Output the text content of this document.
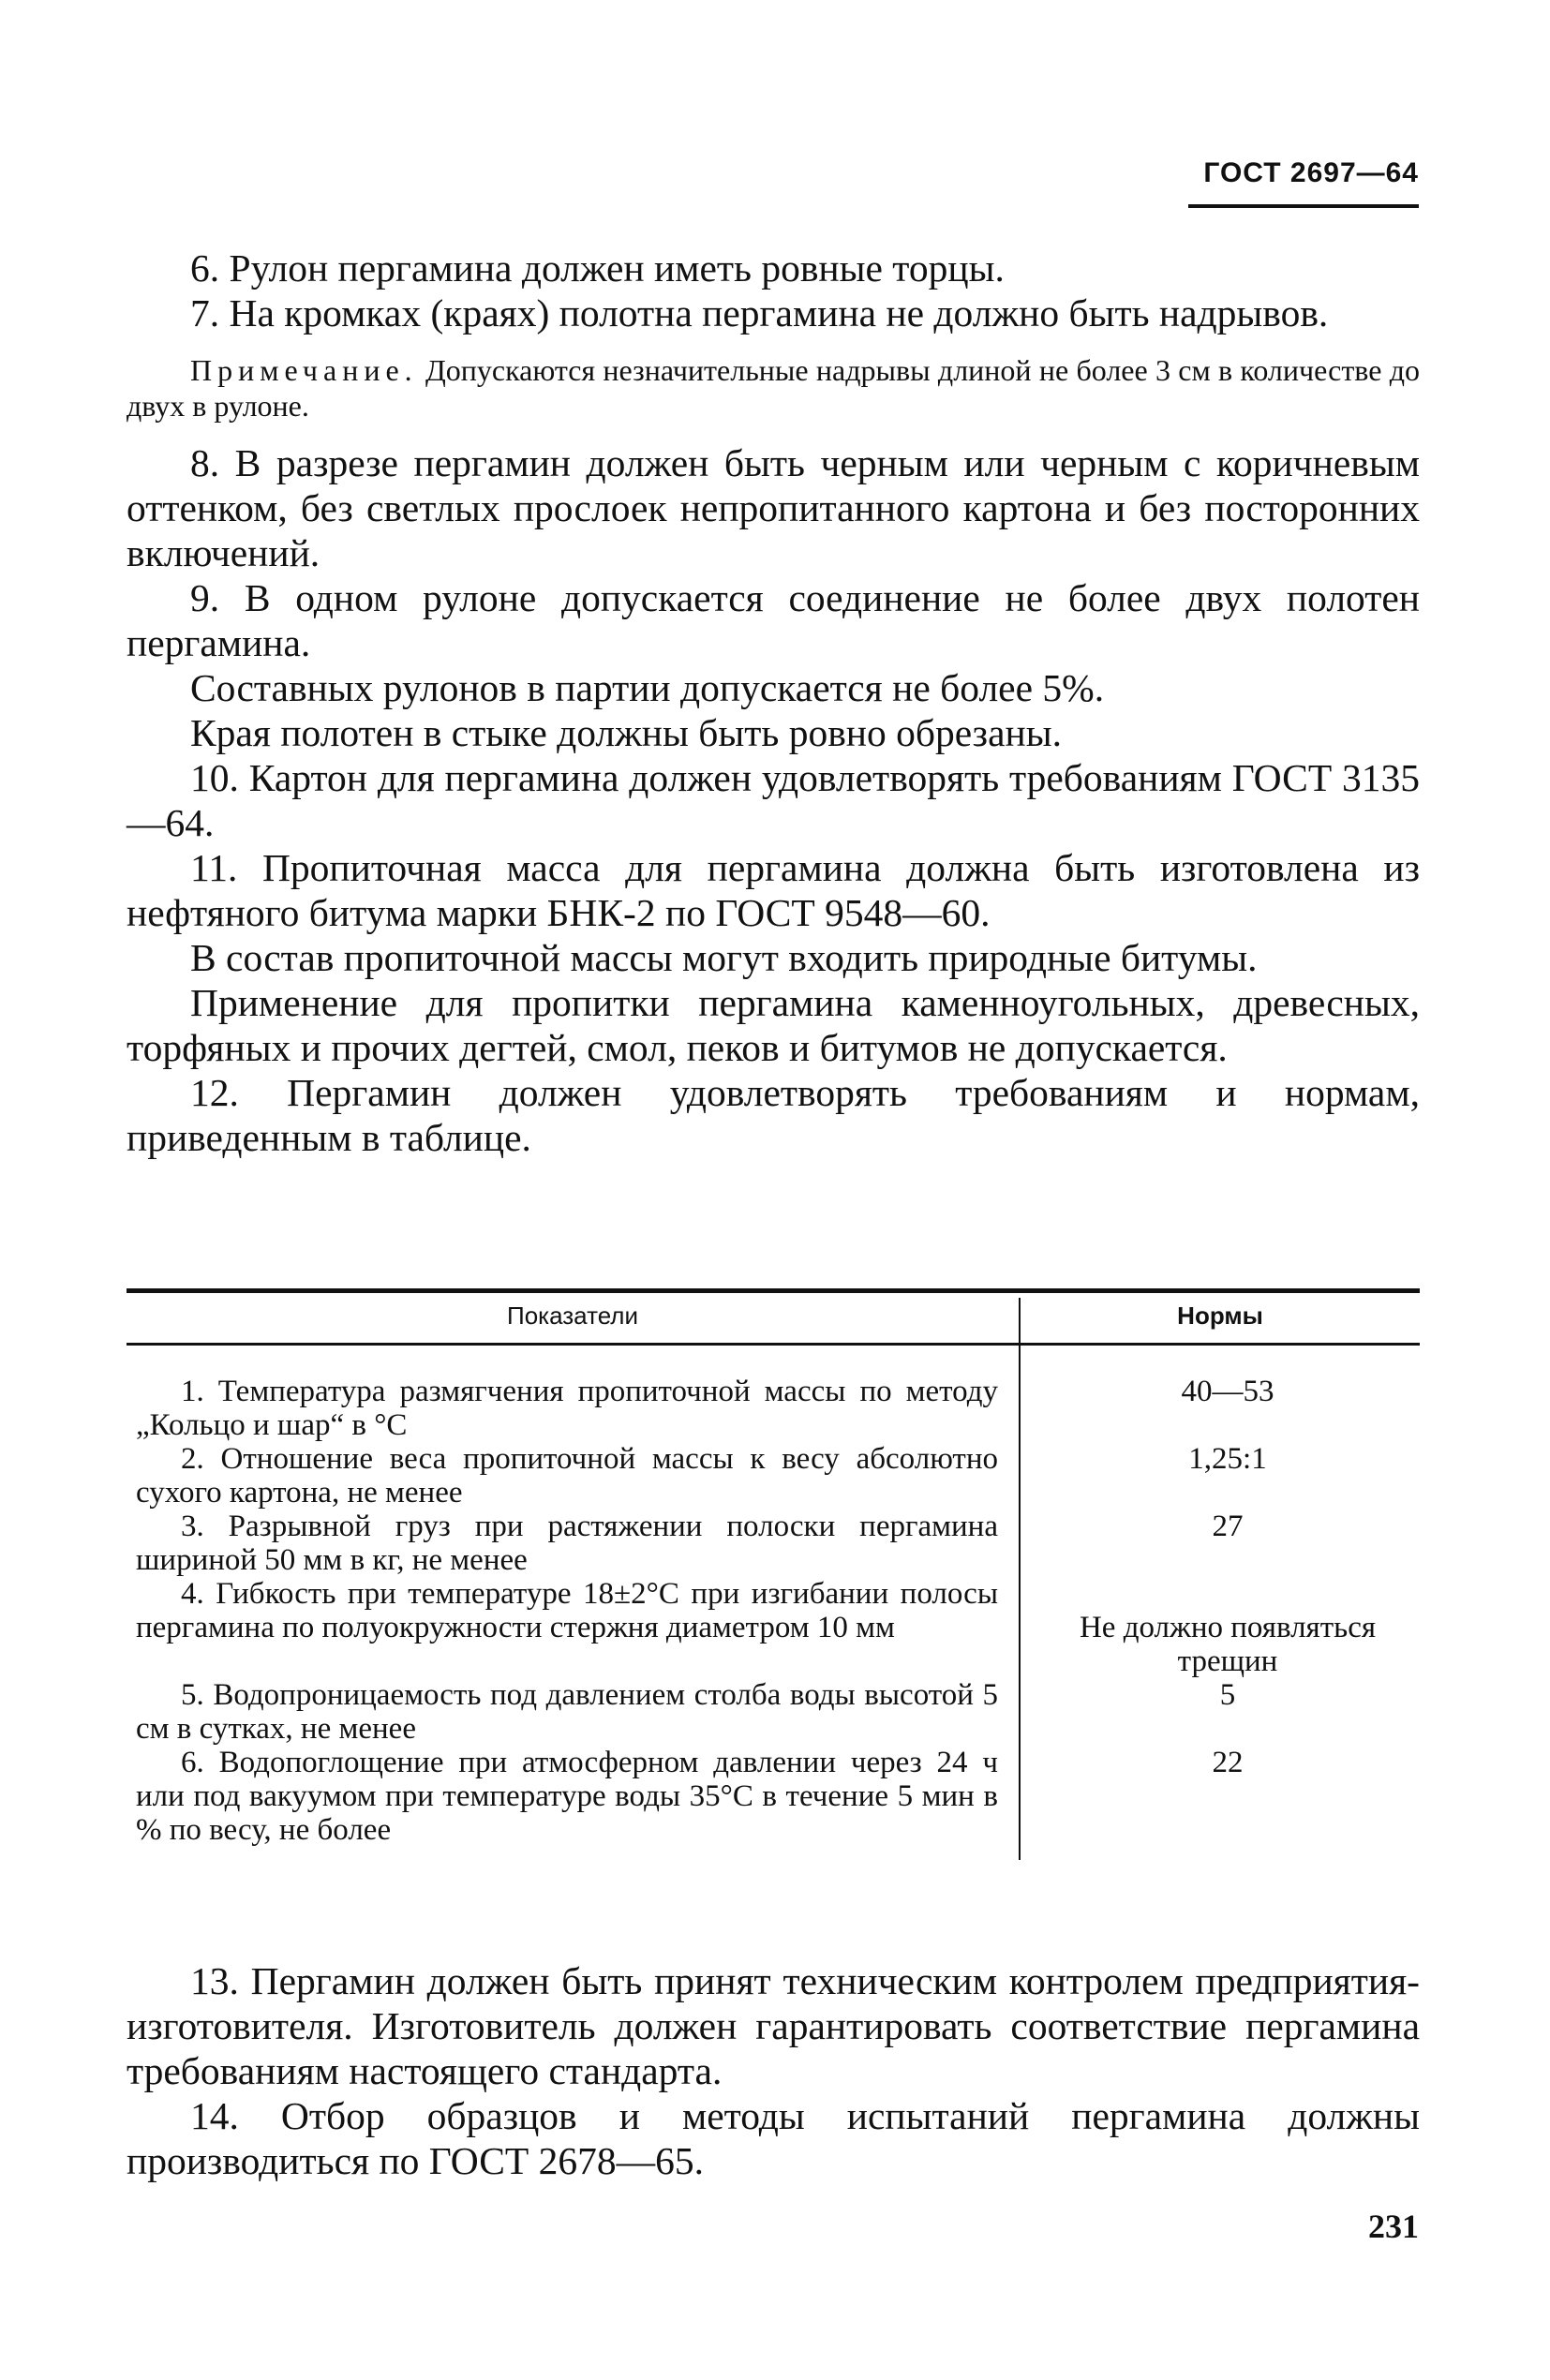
ГОСТ 2697—64

6. Рулон пергамина должен иметь ровные торцы.

7. На кромках (краях) полотна пергамина не должно быть надрывов.

Примечание. Допускаются незначительные надрывы длиной не более 3 см в количестве до двух в рулоне.

8. В разрезе пергамин должен быть черным или черным с коричневым оттенком, без светлых прослоек непропитанного картона и без посторонних включений.

9. В одном рулоне допускается соединение не более двух полотен пергамина.

Составных рулонов в партии допускается не более 5%.

Края полотен в стыке должны быть ровно обрезаны.

10. Картон для пергамина должен удовлетворять требованиям ГОСТ 3135—64.

11. Пропиточная масса для пергамина должна быть изготовлена из нефтяного битума марки БНК-2 по ГОСТ 9548—60.

В состав пропиточной массы могут входить природные битумы.

Применение для пропитки пергамина каменноугольных, древесных, торфяных и прочих дегтей, смол, пеков и битумов не допускается.

12. Пергамин должен удовлетворять требованиям и нормам, приведенным в таблице.

Показатели	Нормы
1. Температура размягчения пропиточной массы по методу „Кольцо и шар“ в °С
40—53
2. Отношение веса пропиточной массы к весу абсолютно сухого картона, не менее
1,25:1
3. Разрывной груз при растяжении полоски пергамина шириной 50 мм в кг, не менее
27
4. Гибкость при температуре 18±2°С при изгибании полосы пергамина по полуокружности стержня диаметром 10 мм	Не должно появляться трещин
5. Водопроницаемость под давлением столба воды высотой 5 см в сутках, не менее
5
6. Водопоглощение при атмосферном давлении через 24 ч или под вакуумом при температуре воды 35°С в течение 5 мин в % по весу, не более
22

13. Пергамин должен быть принят техническим контролем предприятия-изготовителя. Изготовитель должен гарантировать соответствие пергамина требованиям настоящего стандарта.

14. Отбор образцов и методы испытаний пергамина должны производиться по ГОСТ 2678—65.

231
